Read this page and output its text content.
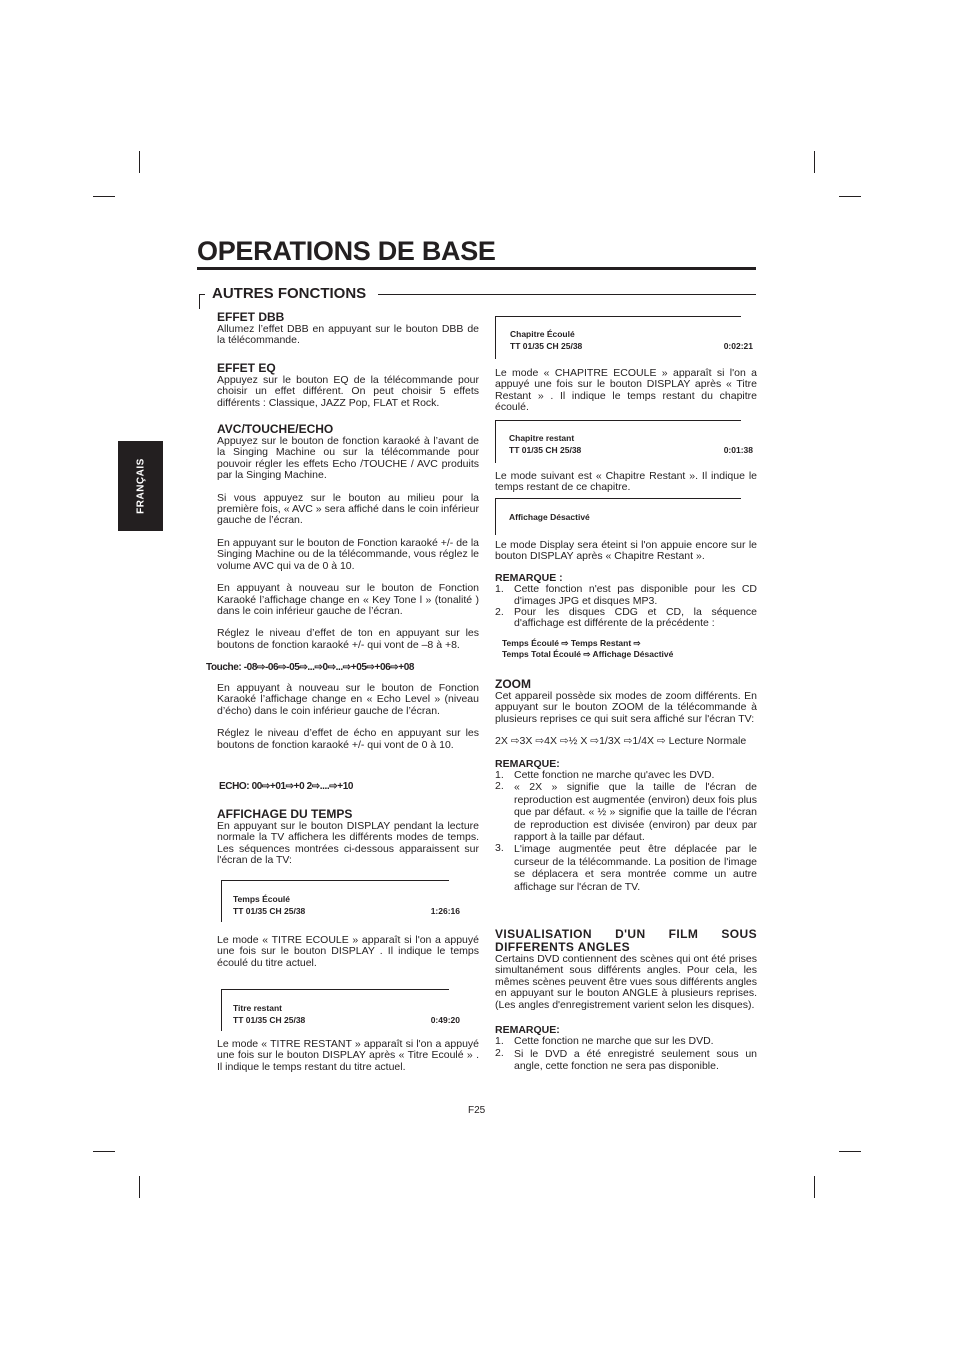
OPERATIONS DE BASE
AUTRES FONCTIONS
FRANÇAIS

EFFET DBB

Allumez l’effet DBB en appuyant sur le bouton DBB de la télécommande.

EFFET EQ

Appuyez sur le bouton EQ de la télécommande pour choisir un effet différent. On peut choisir 5 effets différents : Classique, JAZZ Pop, FLAT et Rock.

AVC/TOUCHE/ECHO

Appuyez sur le bouton de fonction karaoké à l’avant de la Singing Machine ou sur la télécommande pour pouvoir régler les effets Echo /TOUCHE / AVC produits par la Singing Machine.

Si vous appuyez sur le bouton au milieu pour la première fois, « AVC » sera affiché dans le coin inférieur gauche de l’écran.

En appuyant sur le bouton de Fonction karaoké +/- de la Singing Machine ou de la télécommande, vous réglez le volume AVC qui va de 0 à 10.

En appuyant à nouveau sur le bouton de Fonction Karaoké l’affichage change en « Key Tone l » (tonalité ) dans le coin inférieur gauche de l’écran.

Réglez le niveau d’effet de ton en appuyant sur les boutons de fonction karaoké +/- qui vont de –8 à +8.

Touche: -08⇨-06⇨-05⇨...⇨0⇨...⇨+05⇨+06⇨+08

En appuyant à nouveau sur le bouton de Fonction Karaoké l’affichage change en « Echo Level » (niveau d’écho) dans le coin inférieur gauche de l’écran.

Réglez le niveau d’effet de écho en appuyant sur les boutons de fonction karaoké +/- qui vont de 0 à 10.

ECHO: 00⇨+01⇨+0 2⇨....⇨+10

AFFICHAGE DU TEMPS

En appuyant sur le bouton DISPLAY pendant la lecture normale la TV affichera les différents modes de temps. Les séquences montrées ci-dessous apparaissent sur l'écran de la TV:

Temps Écoulé
TT 01/35 CH 25/38	1:26:16

Le mode « TITRE ECOULE » apparaît si l'on a appuyé une fois sur le bouton DISPLAY . Il indique le temps écoulé du titre actuel.

Titre restant
TT 01/35 CH 25/38	0:49:20

Le mode « TITRE RESTANT » apparaît si l'on a appuyé une fois sur le bouton DISPLAY après « Titre Ecoulé » . Il indique le temps restant du titre actuel.

Chapitre Écoulé
TT 01/35 CH 25/38	0:02:21

Le mode « CHAPITRE ECOULE » apparaît si l'on a appuyé une fois sur le bouton DISPLAY après « Titre Restant » . Il indique le temps restant du chapitre écoulé.

Chapitre restant
TT 01/35 CH 25/38	0:01:38

Le mode suivant est « Chapitre Restant ». Il indique le temps restant de ce chapitre.

Affichage Désactivé

Le mode Display sera éteint si l'on appuie encore sur le bouton DISPLAY après « Chapitre Restant ».

REMARQUE :

1. Cette fonction n'est pas disponible pour les CD d'images JPG et disques MP3.
2. Pour les disques CDG et CD, la séquence d'affichage est différente de la précédente :
Temps Écoulé ⇨ Temps Restant ⇨
Temps Total Écoulé ⇨ Affichage Désactivé

ZOOM

Cet appareil possède six modes de zoom différents. En appuyant sur le bouton ZOOM de la télécommande à plusieurs reprises ce qui suit sera affiché sur l'écran TV:

2X ⇨3X ⇨4X ⇨½ X ⇨1/3X ⇨1/4X ⇨ Lecture Normale

REMARQUE:

1. Cette fonction ne marche qu'avec les DVD.
2. « 2X » signifie que la taille de l'écran de reproduction est augmentée (environ) deux fois plus que par défaut. « ½ » signifie que la taille de l'écran de reproduction est divisée (environ) par deux par rapport à la taille par défaut.
3. L'image augmentée peut être déplacée par le curseur de la télécommande. La position de l'image se déplacera et sera montrée comme un autre affichage sur l'écran de TV.

VISUALISATION D'UN FILM SOUS DIFFERENTS ANGLES

Certains DVD contiennent des scènes qui ont été prises simultanément sous différents angles. Pour cela, les mêmes scènes peuvent être vues sous différents angles en appuyant sur le bouton ANGLE à plusieurs reprises. (Les angles d'enregistrement varient selon les disques).

REMARQUE:

1. Cette fonction ne marche que sur les DVD.
2. Si le DVD a été enregistré seulement sous un angle, cette fonction ne sera pas disponible.
F25
